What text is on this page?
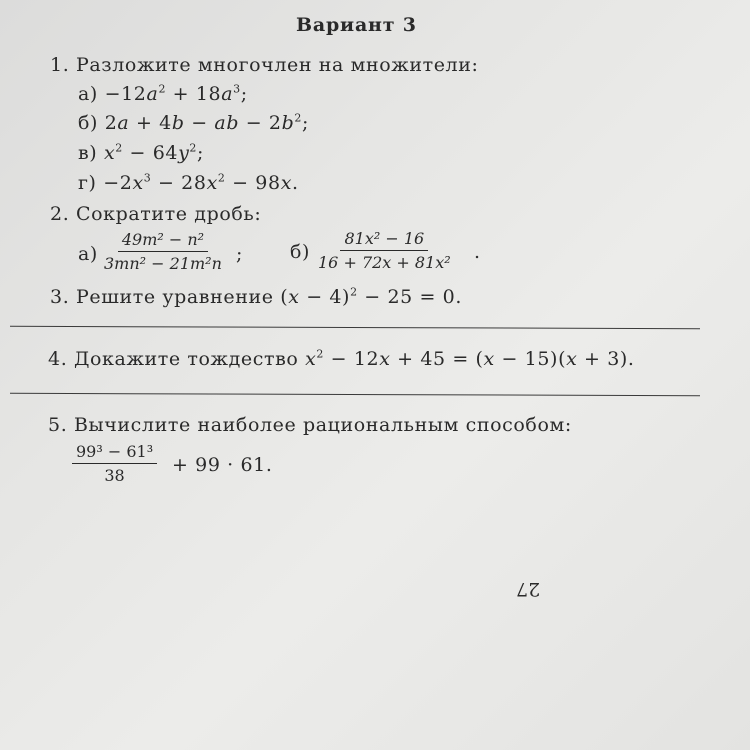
Вариант 3
1. Разложите многочлен на множители:
$а) -12a^2 + 18a^3$;
б) 2a + 4b − ab − $2b^2$;
в) $x^2 - 64y^2$;
$г) -2x^3 - 28x^2 - 98x$.
2. Сократите дробь:
$а) \frac{\text{49m² − n²}}{\text{3mn² − 21m²n}}$ ; $б) \frac{\text{81x² − 16}}{\text{16 + 72x + 81x²}}$ .
3. Решите уравнение $(x - 4)^2 - 25 = 0$.
4. Докажите тождество $x^2 - 12x + 45 = (x - 15)(x + 3)$.
5. Вычислите наиболее рациональным способом:
$\frac{\text{99³ − 61³}}{38} + 99 \cdot 61$.
27
